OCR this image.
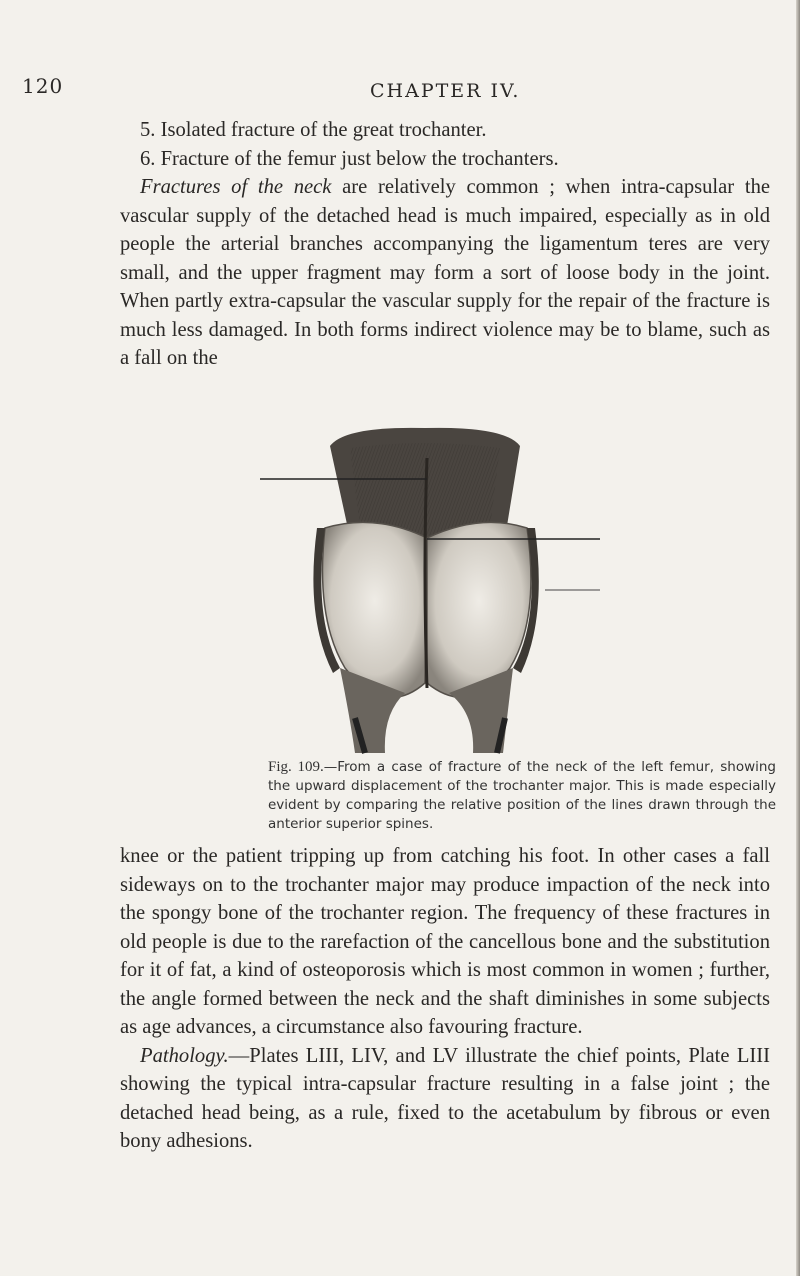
120	CHAPTER IV.

5. Isolated fracture of the great trochanter.

6. Fracture of the femur just below the trochanters.

Fractures of the neck are relatively common ; when intra-capsular the vascular supply of the detached head is much impaired, especially as in old people the arterial branches accompanying the ligamentum teres are very small, and the upper fragment may form a sort of loose body in the joint. When partly extra-capsular the vascular supply for the repair of the fracture is much less damaged. In both forms indirect violence may be to blame, such as a fall on the

Fig. 109.—From a case of fracture of the neck of the left femur, showing the upward displacement of the trochanter major. This is made especially evident by comparing the relative position of the lines drawn through the anterior superior spines.

knee or the patient tripping up from catching his foot. In other cases a fall sideways on to the trochanter major may produce impaction of the neck into the spongy bone of the trochanter region. The frequency of these fractures in old people is due to the rarefaction of the cancellous bone and the substitution for it of fat, a kind of osteoporosis which is most common in women ; further, the angle formed between the neck and the shaft diminishes in some subjects as age advances, a circumstance also favouring fracture.

Pathology.—Plates LIII, LIV, and LV illustrate the chief points, Plate LIII showing the typical intra-capsular fracture resulting in a false joint ; the detached head being, as a rule, fixed to the acetabulum by fibrous or even bony adhesions.
